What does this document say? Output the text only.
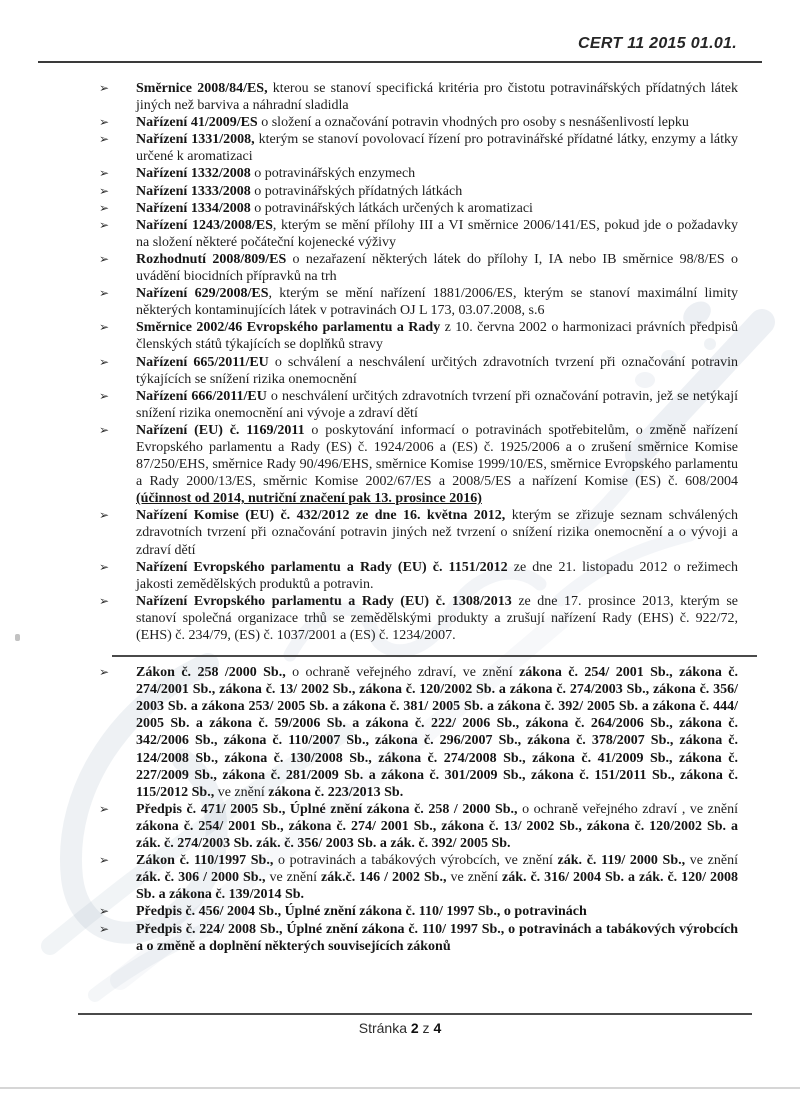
CERT 11 2015 01.01.
➢ Směrnice 2008/84/ES, kterou se stanoví specifická kritéria pro čistotu potravinářských přídatných látek jiných než barviva a náhradní sladidla
➢ Nařízení 41/2009/ES o složení a označování potravin vhodných pro osoby s nesnášenlivostí lepku
➢ Nařízení 1331/2008, kterým se stanoví povolovací řízení pro potravinářské přídatné látky, enzymy a látky určené k aromatizaci
➢ Nařízení 1332/2008 o potravinářských enzymech
➢ Nařízení 1333/2008 o potravinářských přídatných látkách
➢ Nařízení 1334/2008 o potravinářských látkách určených k aromatizaci
➢ Nařízení 1243/2008/ES, kterým se mění přílohy III a VI směrnice 2006/141/ES, pokud jde o požadavky na složení některé počáteční kojenecké výživy
➢ Rozhodnutí 2008/809/ES o nezařazení některých látek do přílohy I, IA nebo IB směrnice 98/8/ES o uvádění biocidních přípravků na trh
➢ Nařízení 629/2008/ES, kterým se mění nařízení 1881/2006/ES, kterým se stanoví maximální limity některých kontaminujících látek v potravinách OJ L 173, 03.07.2008, s.6
➢ Směrnice 2002/46 Evropského parlamentu a Rady z 10. června 2002 o harmonizaci právních předpisů členských států týkajících se doplňků stravy
➢ Nařízení 665/2011/EU o schválení a neschválení určitých zdravotních tvrzení při označování potravin týkajících se snížení rizika onemocnění
➢ Nařízení 666/2011/EU o neschválení určitých zdravotních tvrzení při označování potravin, jež se netýkají snížení rizika onemocnění ani vývoje a zdraví dětí
➢ Nařízení (EU) č. 1169/2011 o poskytování informací o potravinách spotřebitelům, o změně nařízení Evropského parlamentu a Rady (ES) č. 1924/2006 a (ES) č. 1925/2006 a o zrušení směrnice Komise 87/250/EHS, směrnice Rady 90/496/EHS, směrnice Komise 1999/10/ES, směrnice Evropského parlamentu a Rady 2000/13/ES, směrnic Komise 2002/67/ES a 2008/5/ES a nařízení Komise (ES) č. 608/2004 (účinnost od 2014, nutriční značení pak 13. prosince 2016)
➢ Nařízení Komise (EU) č. 432/2012 ze dne 16. května 2012, kterým se zřizuje seznam schválených zdravotních tvrzení při označování potravin jiných než tvrzení o snížení rizika onemocnění a o vývoji a zdraví dětí
➢ Nařízení Evropského parlamentu a Rady (EU) č. 1151/2012 ze dne 21. listopadu 2012 o režimech jakosti zemědělských produktů a potravin.
➢ Nařízení Evropského parlamentu a Rady (EU) č. 1308/2013 ze dne 17. prosince 2013, kterým se stanoví společná organizace trhů se zemědělskými produkty a zrušují nařízení Rady (EHS) č. 922/72, (EHS) č. 234/79, (ES) č. 1037/2001 a (ES) č. 1234/2007.
➢ Zákon č. 258 /2000 Sb., o ochraně veřejného zdraví, ve znění zákona č. 254/ 2001 Sb., zákona č. 274/2001 Sb., zákona č. 13/ 2002 Sb., zákona č. 120/2002 Sb. a zákona č. 274/2003 Sb., zákona č. 356/ 2003 Sb. a zákona 253/ 2005 Sb. a zákona č. 381/ 2005 Sb. a zákona č. 392/ 2005 Sb. a zákona č. 444/ 2005 Sb. a zákona č. 59/2006 Sb. a zákona č. 222/ 2006 Sb., zákona č. 264/2006 Sb., zákona č. 342/2006 Sb., zákona č. 110/2007 Sb., zákona č. 296/2007 Sb., zákona č. 378/2007 Sb., zákona č. 124/2008 Sb., zákona č. 130/2008 Sb., zákona č. 274/2008 Sb., zákona č. 41/2009 Sb., zákona č. 227/2009 Sb., zákona č. 281/2009 Sb. a zákona č. 301/2009 Sb., zákona č. 151/2011 Sb., zákona č. 115/2012 Sb., ve znění zákona č. 223/2013 Sb.
➢ Předpis č. 471/ 2005 Sb., Úplné znění zákona č. 258 / 2000 Sb., o ochraně veřejného zdraví , ve znění zákona č. 254/ 2001 Sb., zákona č. 274/ 2001 Sb., zákona č. 13/ 2002 Sb., zákona č. 120/2002 Sb. a zák. č. 274/2003 Sb. zák. č. 356/ 2003 Sb. a zák. č. 392/ 2005 Sb.
➢ Zákon č. 110/1997 Sb., o potravinách a tabákových výrobcích, ve znění zák. č. 119/ 2000 Sb., ve znění zák. č. 306 / 2000 Sb., ve znění zák.č. 146 / 2002 Sb., ve znění zák. č. 316/ 2004 Sb. a zák. č. 120/ 2008 Sb. a zákona č. 139/2014 Sb.
➢ Předpis č. 456/ 2004 Sb., Úplné znění zákona č. 110/ 1997 Sb., o potravinách
➢ Předpis č. 224/ 2008 Sb., Úplné znění zákona č. 110/ 1997 Sb., o potravinách a tabákových výrobcích a o změně a doplnění některých souvisejících zákonů
Stránka 2 z 4
